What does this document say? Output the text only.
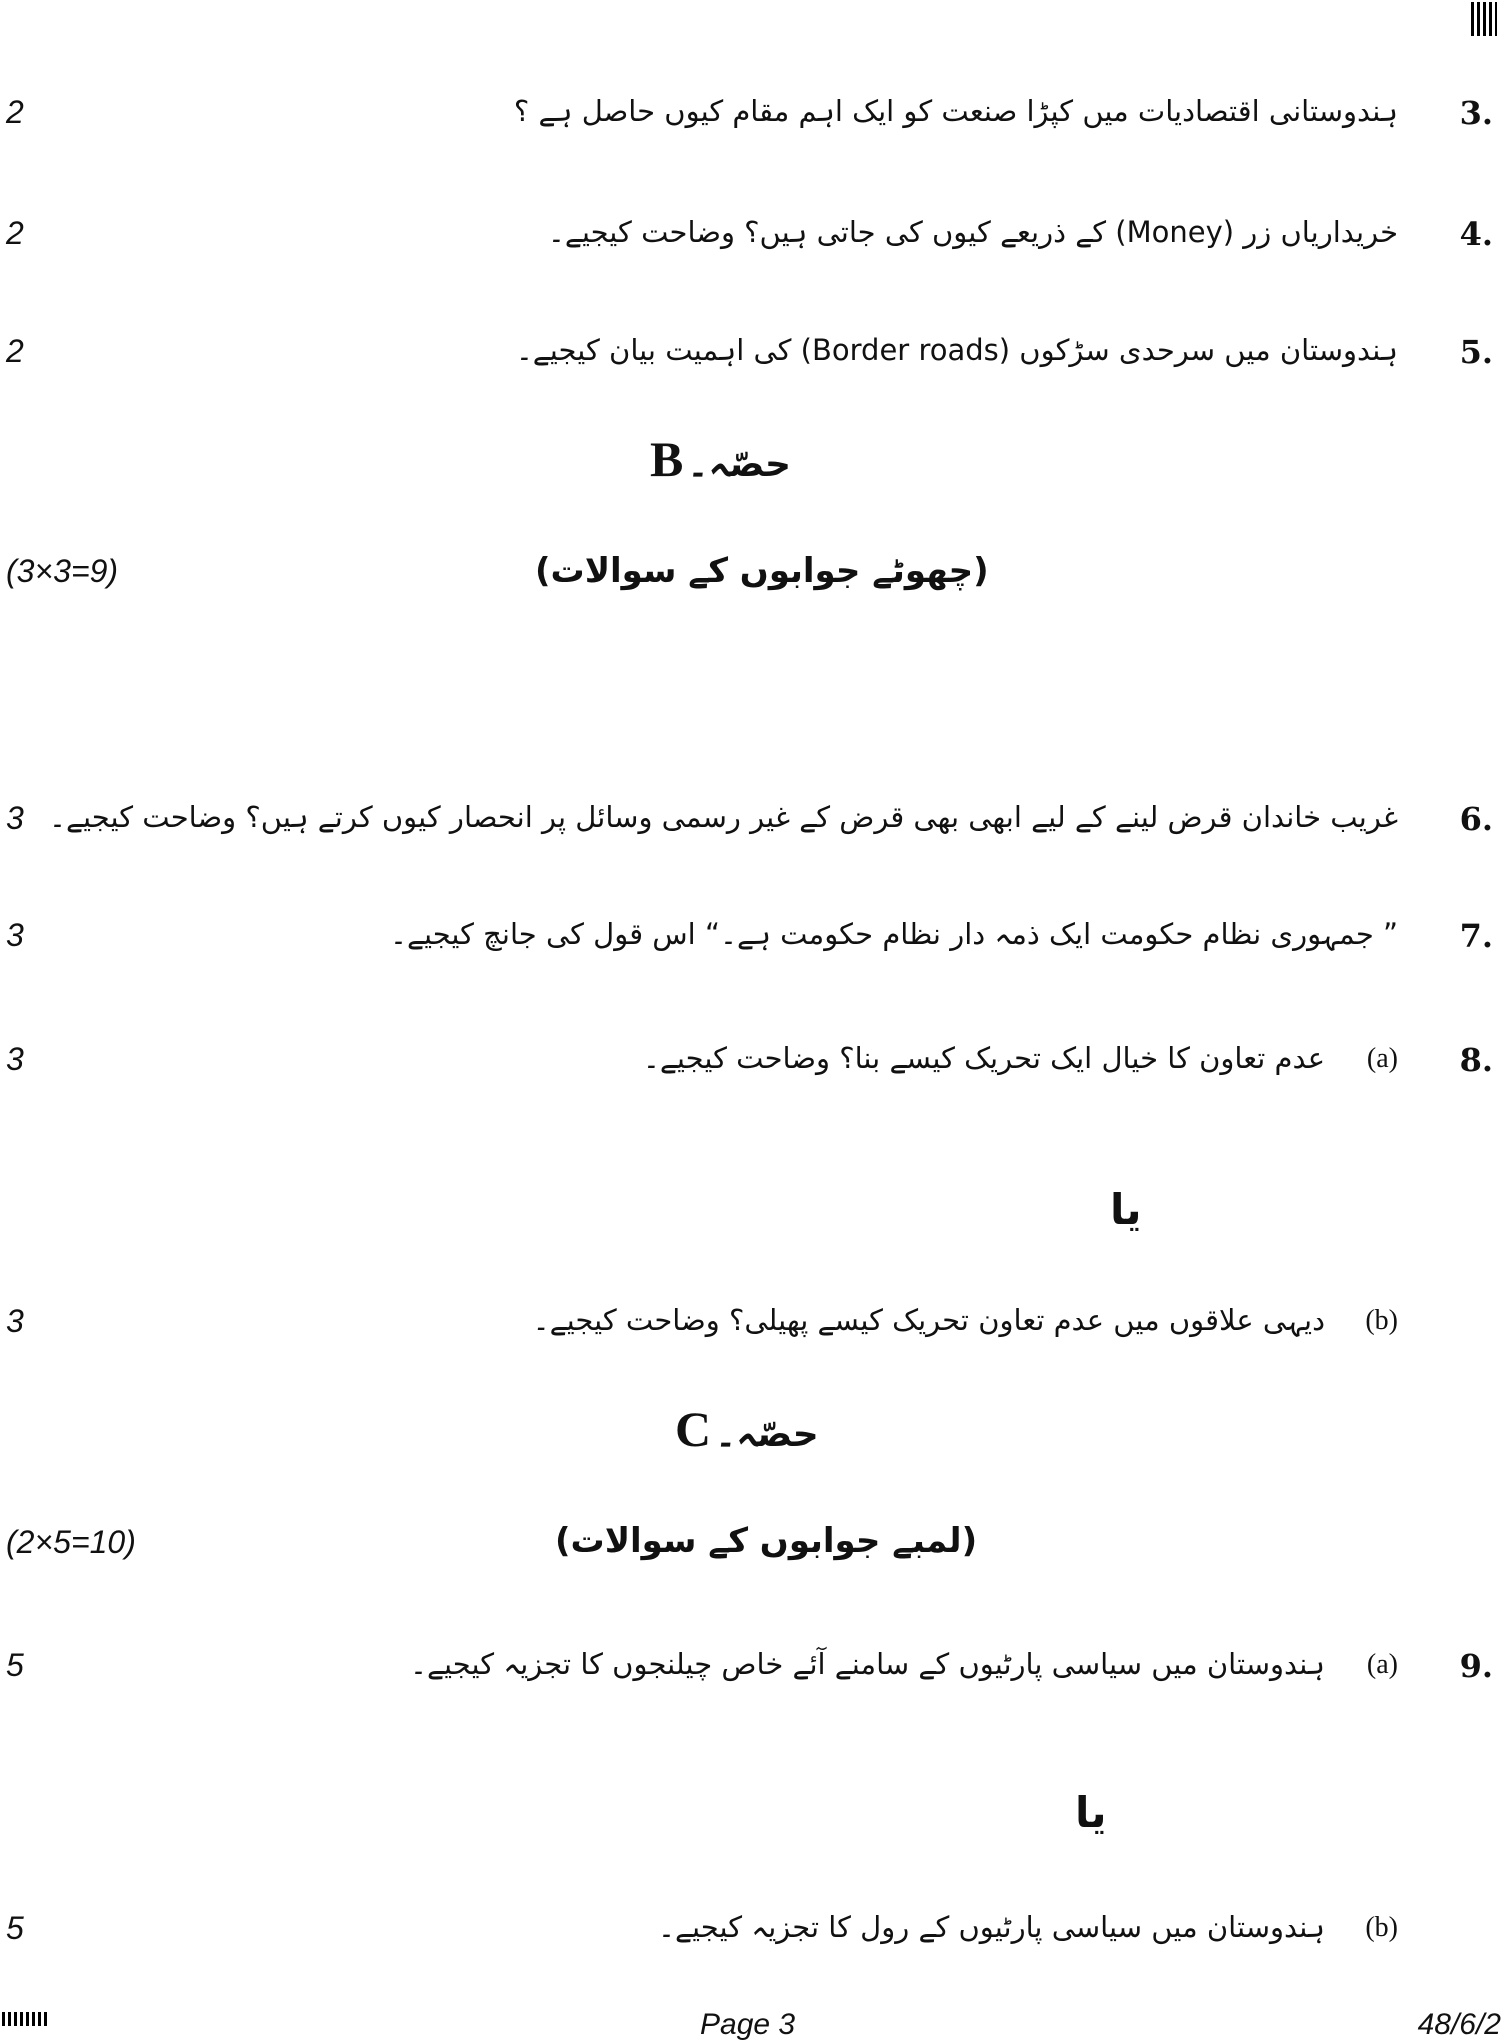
3.
ہندوستانی اقتصادیات میں کپڑا صنعت کو ایک اہم مقام کیوں حاصل ہے ؟
2
4.
خریداریاں زر (Money) کے ذریعے کیوں کی جاتی ہیں؟ وضاحت کیجیے۔
2
5.
ہندوستان میں سرحدی سڑکوں (Border roads) کی اہمیت بیان کیجیے۔
2
B حصّہ۔
(چھوٹے جوابوں کے سوالات)
(3×3=9)
6.
غریب خاندان قرض لینے کے لیے ابھی بھی قرض کے غیر رسمی وسائل پر انحصار کیوں کرتے ہیں؟ وضاحت کیجیے۔
3
7.
” جمہوری نظام حکومت ایک ذمہ دار نظام حکومت ہے۔“ اس قول کی جانچ کیجیے۔
3
8.
(a)
عدم تعاون کا خیال ایک تحریک کیسے بنا؟ وضاحت کیجیے۔
3
یا
(b)
دیہی علاقوں میں عدم تعاون تحریک کیسے پھیلی؟ وضاحت کیجیے۔
3
C حصّہ۔
(لمبے جوابوں کے سوالات)
(2×5=10)
9.
(a)
ہندوستان میں سیاسی پارٹیوں کے سامنے آئے خاص چیلنجوں کا تجزیہ کیجیے۔
5
یا
(b)
ہندوستان میں سیاسی پارٹیوں کے رول کا تجزیہ کیجیے۔
5
Page 3	48/6/2
